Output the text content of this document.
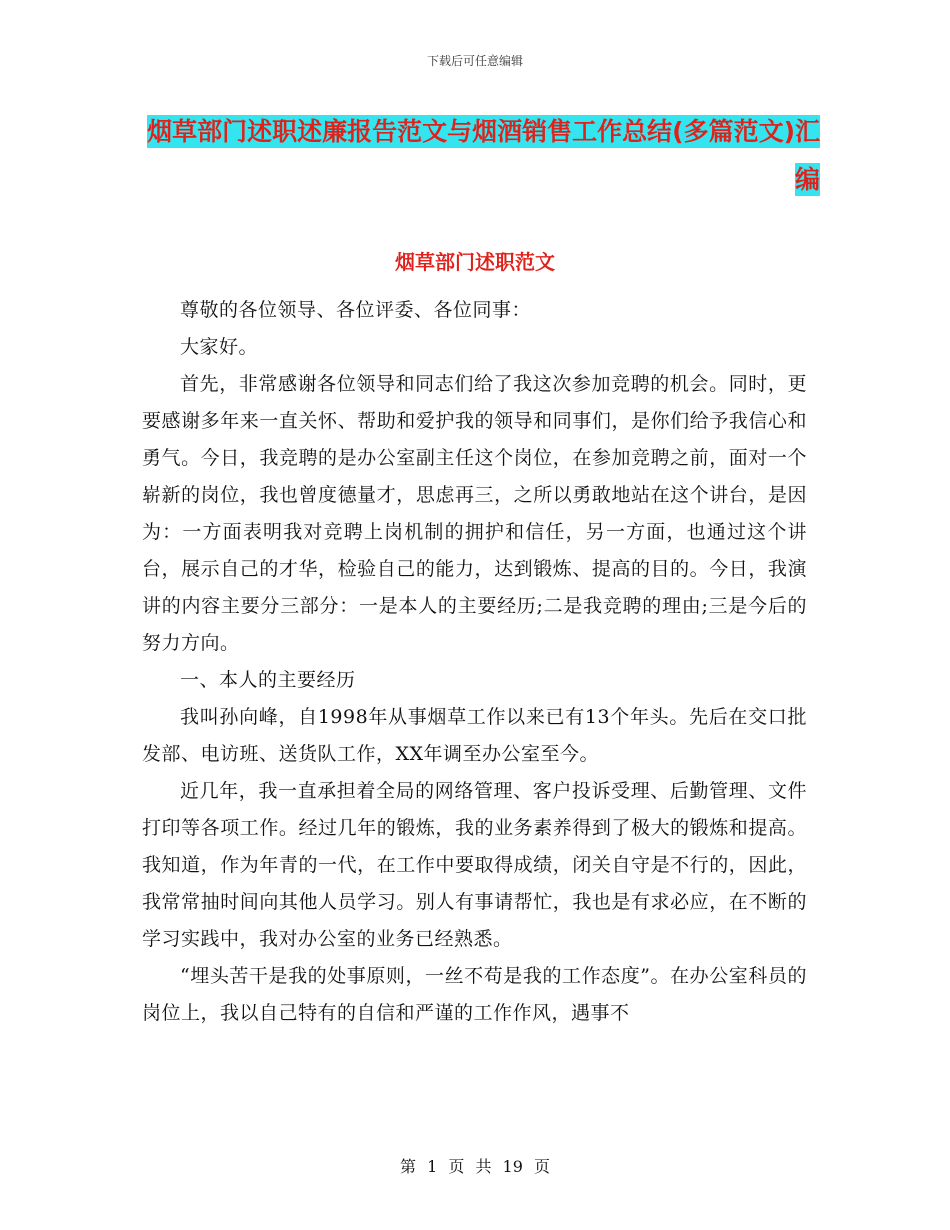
下载后可任意编辑
烟草部门述职述廉报告范文与烟酒销售工作总结(多篇范文)汇编
烟草部门述职范文

尊敬的各位领导、各位评委、各位同事：

大家好。

首先，非常感谢各位领导和同志们给了我这次参加竞聘的机会。同时，更要感谢多年来一直关怀、帮助和爱护我的领导和同事们，是你们给予我信心和勇气。今日，我竞聘的是办公室副主任这个岗位，在参加竞聘之前，面对一个崭新的岗位，我也曾度德量才，思虑再三，之所以勇敢地站在这个讲台，是因为：一方面表明我对竞聘上岗机制的拥护和信任，另一方面，也通过这个讲台，展示自己的才华，检验自己的能力，达到锻炼、提高的目的。今日，我演讲的内容主要分三部分：一是本人的主要经历;二是我竞聘的理由;三是今后的努力方向。

一、本人的主要经历

我叫孙向峰，自1998年从事烟草工作以来已有13个年头。先后在交口批发部、电访班、送货队工作，XX年调至办公室至今。

近几年，我一直承担着全局的网络管理、客户投诉受理、后勤管理、文件打印等各项工作。经过几年的锻炼，我的业务素养得到了极大的锻炼和提高。我知道，作为年青的一代，在工作中要取得成绩，闭关自守是不行的，因此，我常常抽时间向其他人员学习。别人有事请帮忙，我也是有求必应，在不断的学习实践中，我对办公室的业务已经熟悉。

“埋头苦干是我的处事原则，一丝不苟是我的工作态度”。在办公室科员的岗位上，我以自己特有的自信和严谨的工作作风，遇事不

第 1 页 共 19 页
